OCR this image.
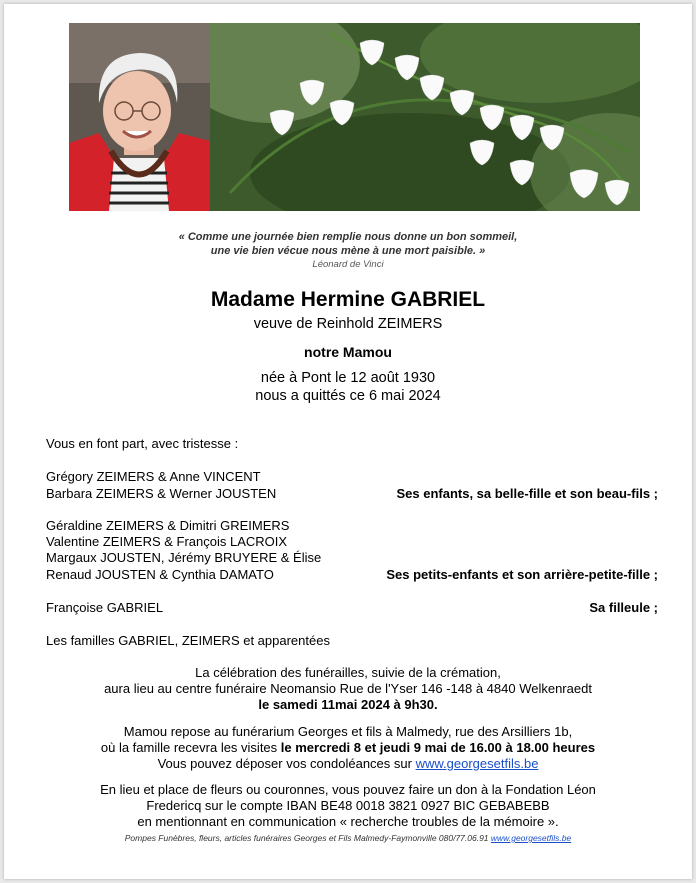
« Comme une journée bien remplie nous donne un bon sommeil,
une vie bien vécue nous mène à une mort paisible. »
Léonard de Vinci
Madame Hermine GABRIEL
veuve de Reinhold ZEIMERS
notre Mamou
née à Pont le 12 août 1930
nous a quittés ce 6 mai 2024
Vous en font part, avec tristesse :
Grégory ZEIMERS & Anne VINCENT
Barbara ZEIMERS & Werner JOUSTEN	Ses enfants, sa belle-fille et son beau-fils ;
Géraldine ZEIMERS & Dimitri GREIMERS
Valentine ZEIMERS & François LACROIX
Margaux JOUSTEN, Jérémy BRUYERE & Élise
Renaud JOUSTEN & Cynthia DAMATO	Ses petits-enfants et son arrière-petite-fille ;
Françoise GABRIEL	Sa filleule ;
Les familles GABRIEL, ZEIMERS et apparentées
La célébration des funérailles, suivie de la crémation,
aura lieu au centre funéraire Neomansio Rue de l'Yser 146 -148 à 4840 Welkenraedt
le samedi 11mai 2024 à 9h30.
Mamou repose au funérarium Georges et fils à Malmedy, rue des Arsilliers 1b,
où la famille recevra les visites le mercredi 8 et jeudi 9 mai de 16.00 à 18.00 heures
Vous pouvez déposer vos condoléances sur www.georgesetfils.be
En lieu et place de fleurs ou couronnes, vous pouvez faire un don à la Fondation Léon
Fredericq sur le compte IBAN BE48 0018 3821 0927 BIC GEBABEBB
en mentionnant en communication « recherche troubles de la mémoire ».
Pompes Funèbres, fleurs, articles funéraires Georges et Fils Malmedy-Faymonville 080/77.06.91 www.georgesetfils.be
